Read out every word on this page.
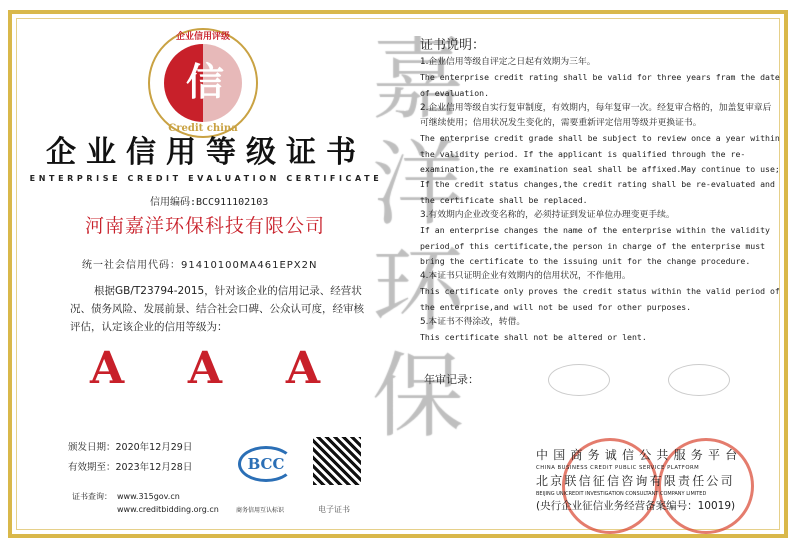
企业信用评级
信
Credit china
企业信用等级证书
ENTERPRISE CREDIT EVALUATION CERTIFICATE
信用编码:BCC911102103
河南嘉洋环保科技有限公司
统一社会信用代码：91410100MA461EPX2N
根据GB/T23794-2015，针对该企业的信用记录、经营状况、债务风险、发展前景、结合社会口碑、公众认可度，经审核评估，认定该企业的信用等级为：
A A A
颁发日期：2020年12月29日
有效期至：2023年12月28日
证书查询： www.315gov.cn
www.creditbidding.org.cn
BCC
商务信用互认标识	电子证书
证书说明：
1.企业信用等级自评定之日起有效期为三年。
The enterprise credit rating shall be valid for three years fram the date of evaluation.
2.企业信用等级自实行复审制度，有效期内，每年复审一次。经复审合格的，加盖复审章后可继续使用；信用状况发生变化的，需要重新评定信用等级并更换证书。
The enterprise credit grade shall be subject to review once a year within the validity period. If the applicant is qualified through the re-examination,the re examination seal shall be affixed.May continue to use; If the credit status changes,the credit rating shall be re-evaluated and the certificate shall be replaced.
3.有效期内企业改变名称的，必须持证到发证单位办理变更手续。
If an enterprise changes the name of the enterprise within the validity period of this certificate,the person in charge of the enterprise must bring the certificate to the issuing unit for the change procedure.
4.本证书只证明企业有效期内的信用状况，不作他用。
This certificate only proves the credit status within the valid period of the enterprise,and will not be used for other purposes.
5.本证书不得涂改，转借。
This certificate shall not be altered or lent.
年审记录：
中国商务诚信公共服务平台
CHINA BUSINESS CREDIT PUBLIC SERVICE PLATFORM
北京联信征信咨询有限责任公司
BEIJING UNICREDIT INVESTIGATION CONSULTANT COMPANY LIMITED
(央行企业征信业务经营备案编号：10019)
